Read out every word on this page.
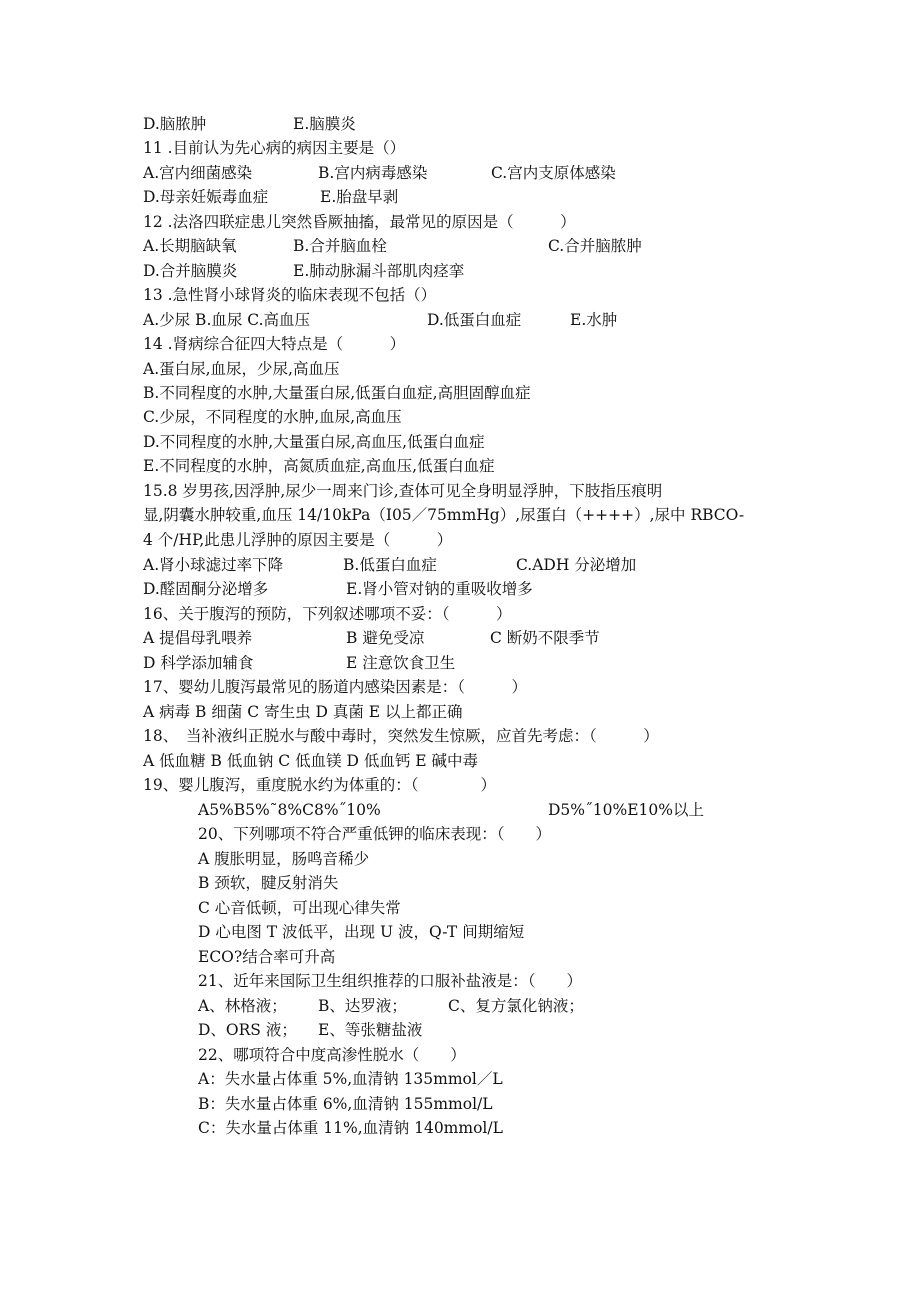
D.脑脓肿	E.脑膜炎
11 .目前认为先心病的病因主要是（）
A.宫内细菌感染	B.宫内病毒感染	C.宫内支原体感染
D.母亲妊娠毒血症	E.胎盘早剥
12 .法洛四联症患儿突然昏厥抽搐，最常见的原因是（　　　）
A.长期脑缺氧	B.合并脑血栓	C.合并脑脓肿
D.合并脑膜炎	E.肺动脉漏斗部肌肉痉挛
13 .急性肾小球肾炎的临床表现不包括（）
A.少尿 B.血尿 C.高血压	D.低蛋白血症	E.水肿
14 .肾病综合征四大特点是（　　　）
A.蛋白尿,血尿，少尿,高血压
B.不同程度的水肿,大量蛋白尿,低蛋白血症,高胆固醇血症
C.少尿，不同程度的水肿,血尿,高血压
D.不同程度的水肿,大量蛋白尿,高血压,低蛋白血症
E.不同程度的水肿，高氮质血症,高血压,低蛋白血症
15.8 岁男孩,因浮肿,尿少一周来门诊,查体可见全身明显浮肿，下肢指压痕明
显,阴囊水肿较重,血压 14/10kPa（I05／75mmHg）,尿蛋白（++++）,尿中 RBCO-
4 个/HP,此患儿浮肿的原因主要是（　　　）
A.肾小球滤过率下降	B.低蛋白血症	C.ADH 分泌增加
D.醛固酮分泌增多	E.肾小管对钠的重吸收增多
16、关于腹泻的预防，下列叙述哪项不妥：（　　　）
A 提倡母乳喂养	B 避免受凉	C 断奶不限季节
D 科学添加辅食	E 注意饮食卫生
17、婴幼儿腹泻最常见的肠道内感染因素是：（　　　）
A 病毒 B 细菌 C 寄生虫 D 真菌 E 以上都正确
18、　当补液纠正脱水与酸中毒时，突然发生惊厥，应首先考虑：（　　　）
A 低血糖 B 低血钠 C 低血镁 D 低血钙 E 碱中毒
19、婴儿腹泻，重度脱水约为体重的：（　　　　）
A5%B5%˜8%C8%˝10%	D5%˝10%E10%以上
20、下列哪项不符合严重低钾的临床表现：（　　）
A 腹胀明显，肠鸣音稀少
B 颈软，腱反射消失
C 心音低顿，可出现心律失常
D 心电图 T 波低平，出现 U 波，Q-T 间期缩短
ECO?结合率可升高
21、近年来国际卫生组织推荐的口服补盐液是：（　　）
A、林格液； B、达罗液；	C、复方氯化钠液；
D、ORS 液； E、等张糖盐液
22、哪项符合中度高渗性脱水（　　）
A：失水量占体重 5%,血清钠 135mmol／L
B：失水量占体重 6%,血清钠 155mmol/L
C：失水量占体重 11%,血清钠 140mmol/L
